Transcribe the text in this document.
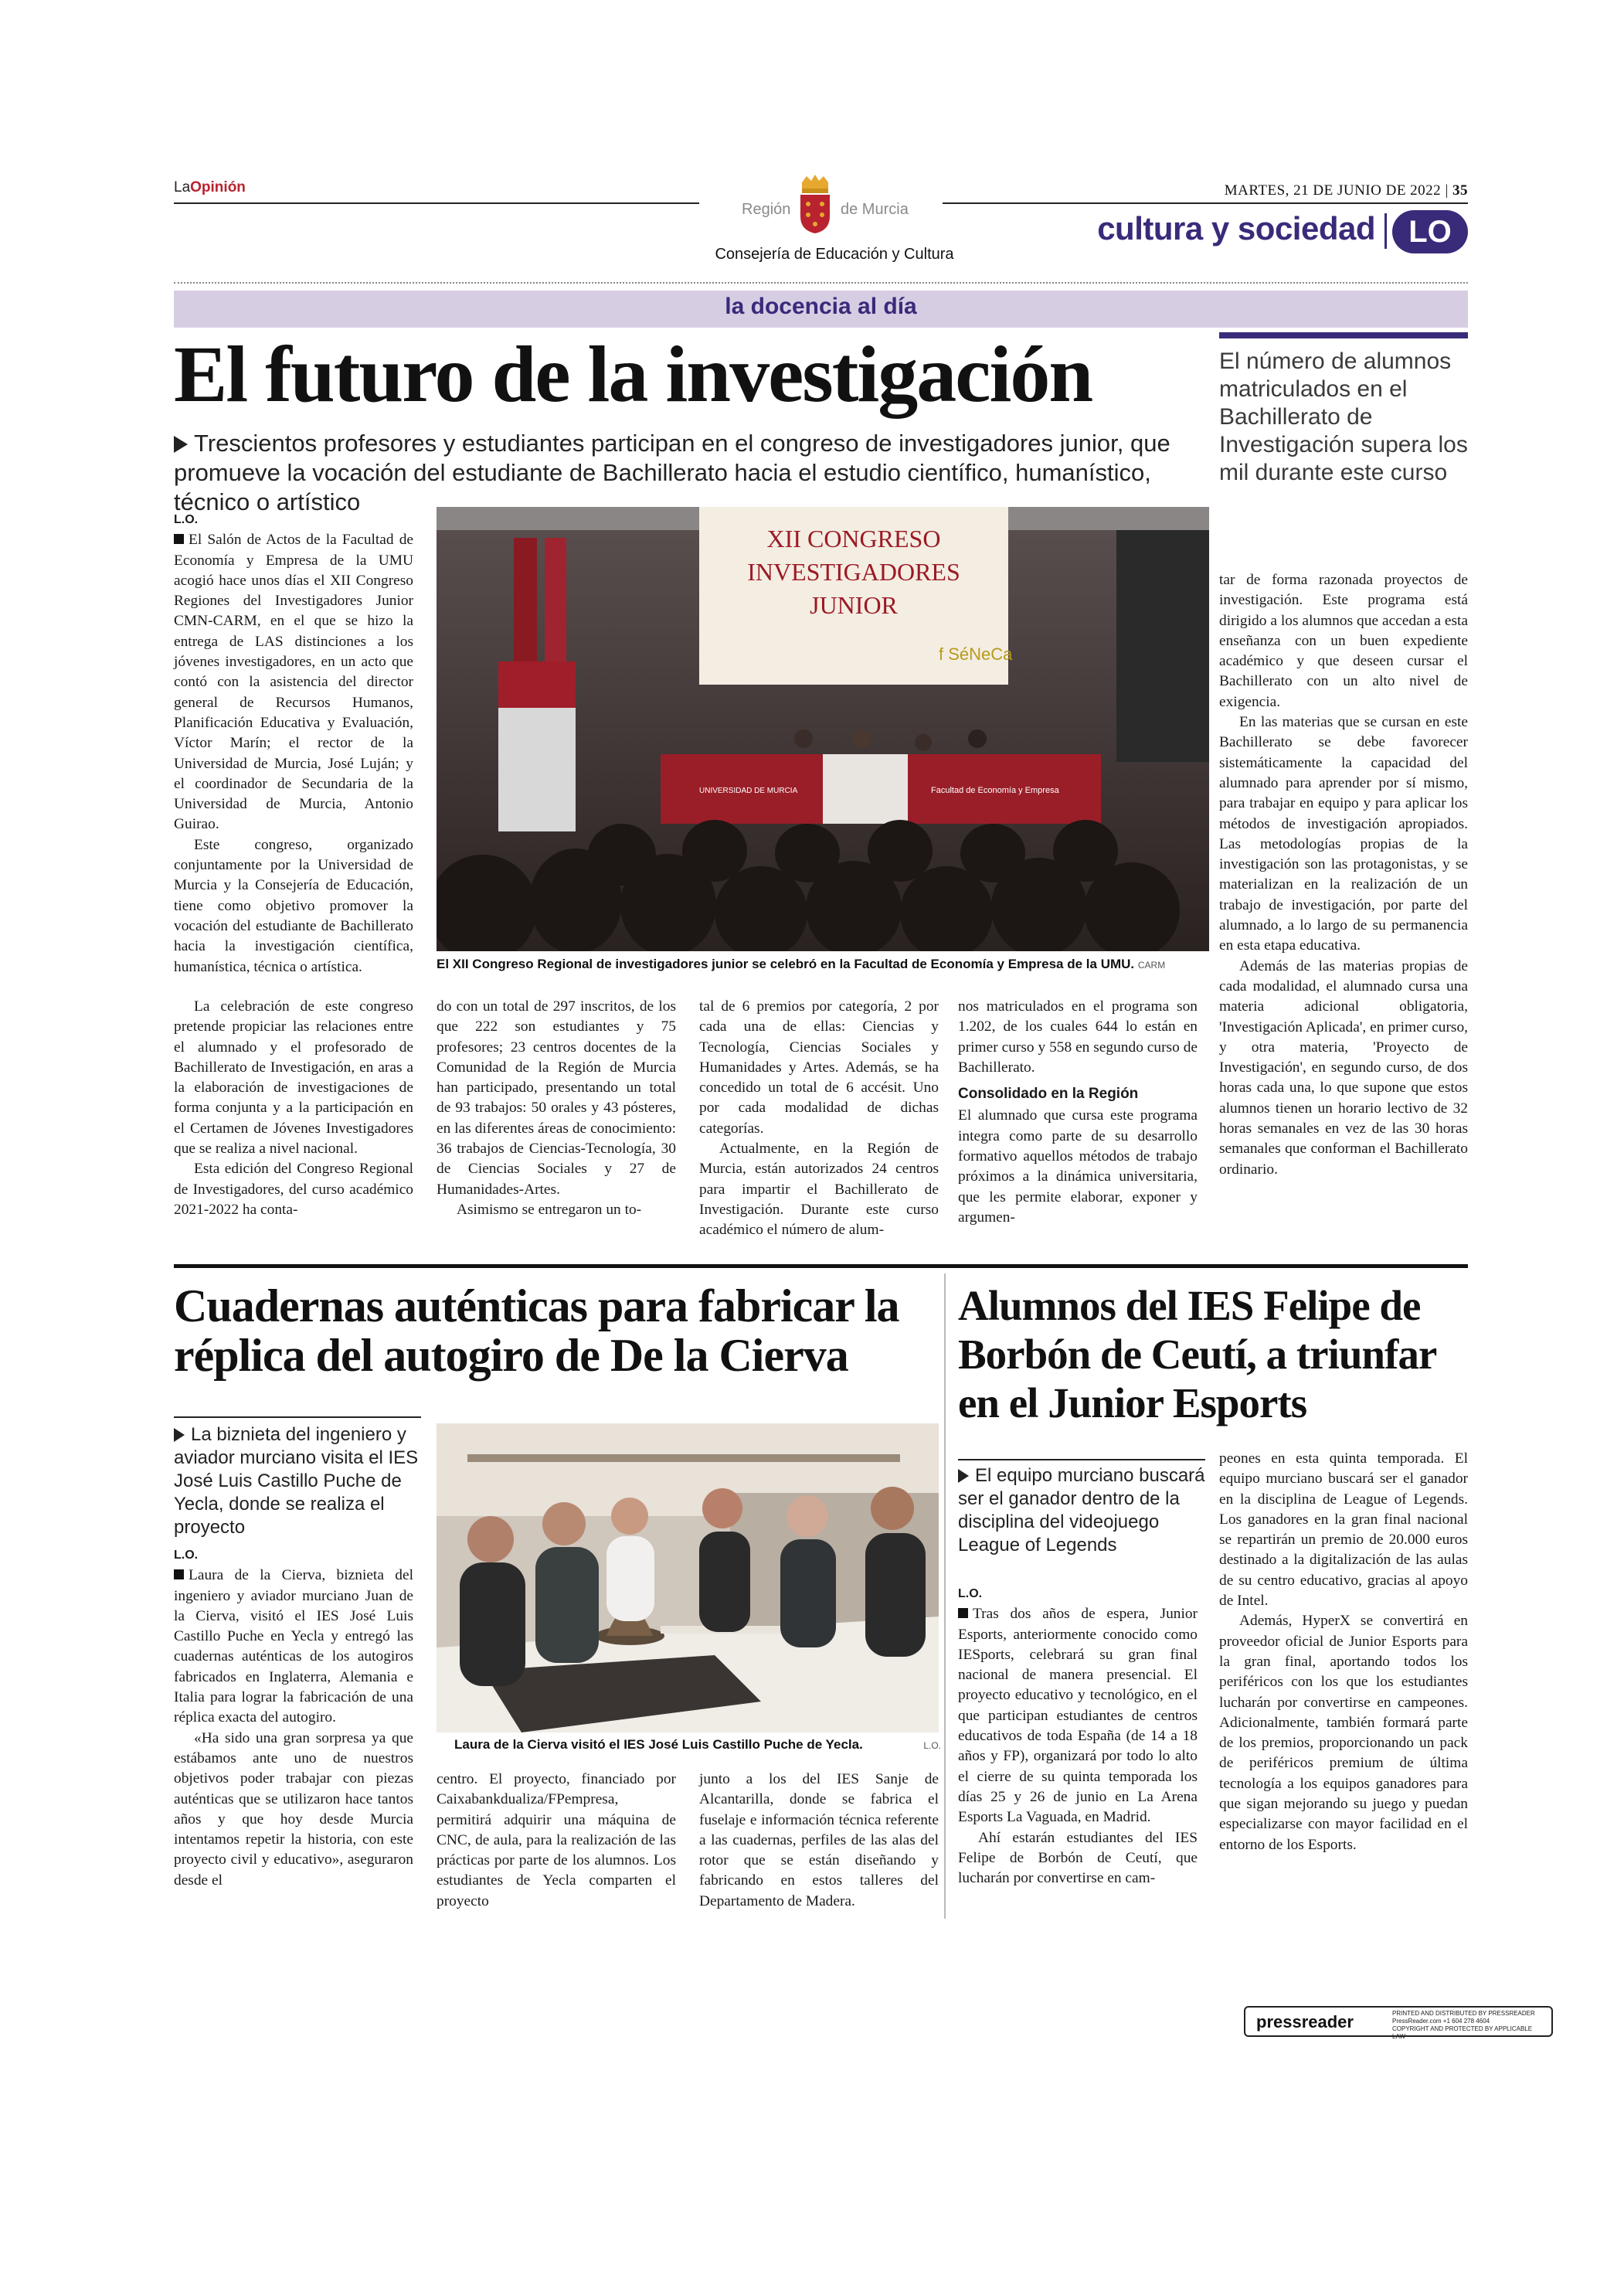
LaOpinión
Región	de Murcia
Consejería de Educación y Cultura
MARTES, 21 DE JUNIO DE 2022 | 35
cultura y sociedad	LO
la docencia al día
El futuro de la investigación
Trescientos profesores y estudiantes participan en el congreso de investigadores junior, que promueve la vocación del estudiante de Bachillerato hacia el estudio científico, humanístico, técnico o artístico
El número de alumnos matriculados en el Bachillerato de Investigación supera los mil durante este curso

L.O.

El Salón de Actos de la Facultad de Economía y Empresa de la UMU acogió hace unos días el XII Congreso Regiones del Investigadores Junior CMN-CARM, en el que se hizo la entrega de LAS distinciones a los jóvenes investigadores, en un acto que contó con la asistencia del director general de Recursos Humanos, Planificación Educativa y Evaluación, Víctor Marín; el rector de la Universidad de Murcia, José Luján; y el coordinador de Secundaria de la Universidad de Murcia, Antonio Guirao.

Este congreso, organizado conjuntamente por la Universidad de Murcia y la Consejería de Educación, tiene como objetivo promover la vocación del estudiante de Bachillerato hacia la investigación científica, humanística, técnica o artística.

La celebración de este congreso pretende propiciar las relaciones entre el alumnado y el profesorado de Bachillerato de Investigación, en aras a la elaboración de investigaciones de forma conjunta y a la participación en el Certamen de Jóvenes Investigadores que se realiza a nivel nacional.

Esta edición del Congreso Regional de Investigadores, del curso académico 2021-2022 ha conta-

XII CONGRESO
INVESTIGADORES
JUNIOR
f SéNeCa
UNIVERSIDAD DE MURCIA	Facultad de Economía y Empresa
El XII Congreso Regional de investigadores junior se celebró en la Facultad de Economía y Empresa de la UMU. CARM

do con un total de 297 inscritos, de los que 222 son estudiantes y 75 profesores; 23 centros docentes de la Comunidad de la Región de Murcia han participado, presentando un total de 93 trabajos: 50 orales y 43 pósteres, en las diferentes áreas de conocimiento: 36 trabajos de Ciencias-Tecnología, 30 de Ciencias Sociales y 27 de Humanidades-Artes.

Asimismo se entregaron un to-

tal de 6 premios por categoría, 2 por cada una de ellas: Ciencias y Tecnología, Ciencias Sociales y Humanidades y Artes. Además, se ha concedido un total de 6 accésit. Uno por cada modalidad de dichas categorías.

Actualmente, en la Región de Murcia, están autorizados 24 centros para impartir el Bachillerato de Investigación. Durante este curso académico el número de alum-

nos matriculados en el programa son 1.202, de los cuales 644 lo están en primer curso y 558 en segundo curso de Bachillerato.

Consolidado en la Región

El alumnado que cursa este programa integra como parte de su desarrollo formativo aquellos métodos de trabajo próximos a la dinámica universitaria, que les permite elaborar, exponer y argumen-

tar de forma razonada proyectos de investigación. Este programa está dirigido a los alumnos que accedan a esta enseñanza con un buen expediente académico y que deseen cursar el Bachillerato con un alto nivel de exigencia.

En las materias que se cursan en este Bachillerato se debe favorecer sistemáticamente la capacidad del alumnado para aprender por sí mismo, para trabajar en equipo y para aplicar los métodos de investigación apropiados. Las metodologías propias de la investigación son las protagonistas, y se materializan en la realización de un trabajo de investigación, por parte del alumnado, a lo largo de su permanencia en esta etapa educativa.

Además de las materias propias de cada modalidad, el alumnado cursa una materia adicional obligatoria, 'Investigación Aplicada', en primer curso, y otra materia, 'Proyecto de Investigación', en segundo curso, de dos horas cada una, lo que supone que estos alumnos tienen un horario lectivo de 32 horas semanales en vez de las 30 horas semanales que conforman el Bachillerato ordinario.

Cuadernas auténticas para fabricar la réplica del autogiro de De la Cierva
La biznieta del ingeniero y aviador murciano visita el IES José Luis Castillo Puche de Yecla, donde se realiza el proyecto

L.O.

Laura de la Cierva, biznieta del ingeniero y aviador murciano Juan de la Cierva, visitó el IES José Luis Castillo Puche en Yecla y entregó las cuadernas auténticas de los autogiros fabricados en Inglaterra, Alemania e Italia para lograr la fabricación de una réplica exacta del autogiro.

«Ha sido una gran sorpresa ya que estábamos ante uno de nuestros objetivos poder trabajar con piezas auténticas que se utilizaron hace tantos años y que hoy desde Murcia intentamos repetir la historia, con este proyecto civil y educativo», aseguraron desde el

L.O.
Laura de la Cierva visitó el IES José Luis Castillo Puche de Yecla.

centro. El proyecto, financiado por Caixabankdualiza/FPempresa, permitirá adquirir una máquina de CNC, de aula, para la realización de las prácticas por parte de los alumnos. Los estudiantes de Yecla comparten el proyecto

junto a los del IES Sanje de Alcantarilla, donde se fabrica el fuselaje e información técnica referente a las cuadernas, perfiles de las alas del rotor que se están diseñando y fabricando en estos talleres del Departamento de Madera.

Alumnos del IES Felipe de Borbón de Ceutí, a triunfar en el Junior Esports
El equipo murciano buscará ser el ganador dentro de la disciplina del videojuego League of Legends

L.O.

Tras dos años de espera, Junior Esports, anteriormente conocido como IESports, celebrará su gran final nacional de manera presencial. El proyecto educativo y tecnológico, en el que participan estudiantes de centros educativos de toda España (de 14 a 18 años y FP), organizará por todo lo alto el cierre de su quinta temporada los días 25 y 26 de junio en La Arena Esports La Vaguada, en Madrid.

Ahí estarán estudiantes del IES Felipe de Borbón de Ceutí, que lucharán por convertirse en cam-

peones en esta quinta temporada. El equipo murciano buscará ser el ganador en la disciplina de League of Legends. Los ganadores en la gran final nacional se repartirán un premio de 20.000 euros destinado a la digitalización de las aulas de su centro educativo, gracias al apoyo de Intel.

Además, HyperX se convertirá en proveedor oficial de Junior Esports para la gran final, aportando todos los periféricos con los que los estudiantes lucharán por convertirse en campeones. Adicionalmente, también formará parte de los premios, proporcionando un pack de periféricos premium de última tecnología a los equipos ganadores para que sigan mejorando su juego y puedan especializarse con mayor facilidad en el entorno de los Esports.

pressreader	PRINTED AND DISTRIBUTED BY PRESSREADER
PressReader.com +1 604 278 4604
COPYRIGHT AND PROTECTED BY APPLICABLE LAW
